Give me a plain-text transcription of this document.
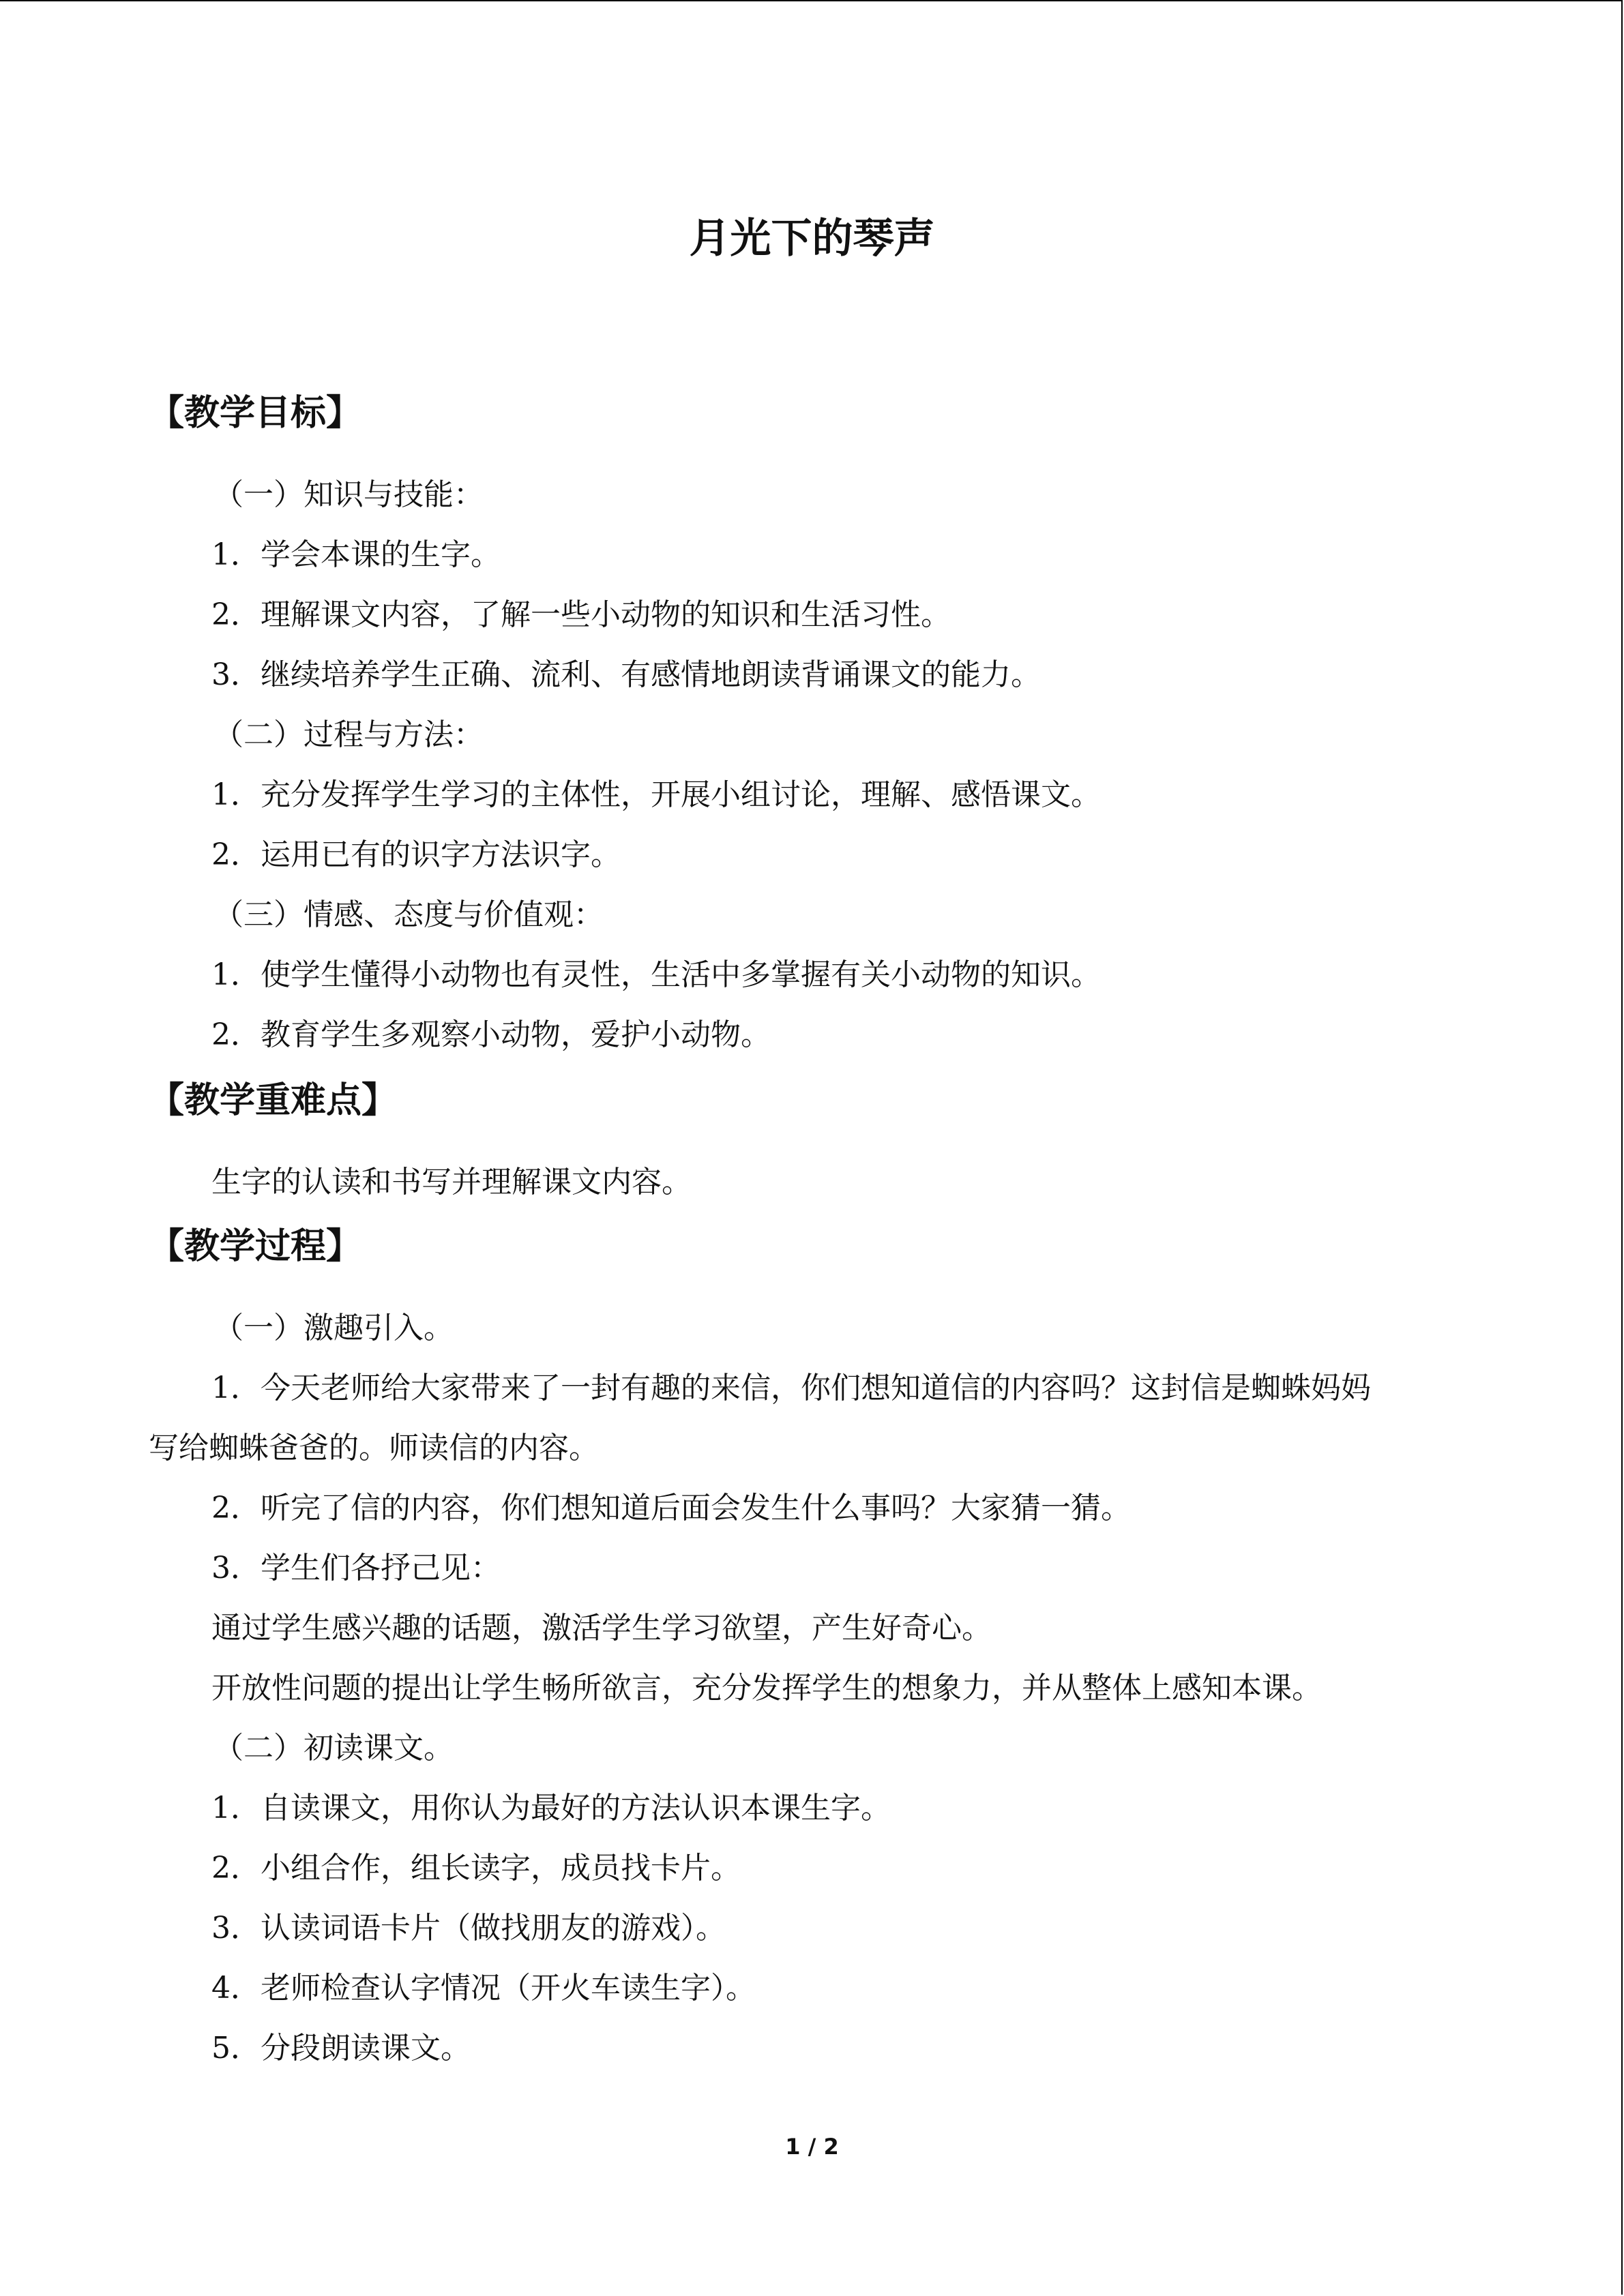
月光下的琴声
【教学目标】
（一）知识与技能：
1．学会本课的生字。
2．理解课文内容，了解一些小动物的知识和生活习性。
3．继续培养学生正确、流利、有感情地朗读背诵课文的能力。
（二）过程与方法：
1．充分发挥学生学习的主体性，开展小组讨论，理解、感悟课文。
2．运用已有的识字方法识字。
（三）情感、态度与价值观：
1．使学生懂得小动物也有灵性，生活中多掌握有关小动物的知识。
2．教育学生多观察小动物，爱护小动物。
【教学重难点】
生字的认读和书写并理解课文内容。
【教学过程】
（一）激趣引入。
1．今天老师给大家带来了一封有趣的来信，你们想知道信的内容吗？这封信是蜘蛛妈妈
写给蜘蛛爸爸的。师读信的内容。
2．听完了信的内容，你们想知道后面会发生什么事吗？大家猜一猜。
3．学生们各抒己见：
通过学生感兴趣的话题，激活学生学习欲望，产生好奇心。
开放性问题的提出让学生畅所欲言，充分发挥学生的想象力，并从整体上感知本课。
（二）初读课文。
1．自读课文，用你认为最好的方法认识本课生字。
2．小组合作，组长读字，成员找卡片。
3．认读词语卡片（做找朋友的游戏）。
4．老师检查认字情况（开火车读生字）。
5．分段朗读课文。
1 / 2
